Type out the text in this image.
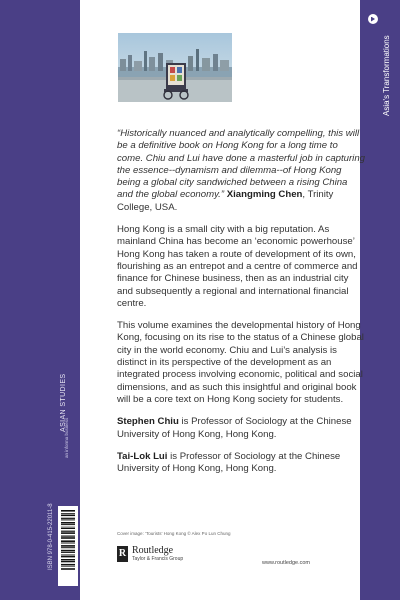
ASIAN STUDIES
an informa business
ISBN 978-0-415-22011-8
Asia's Transformations

“Historically nuanced and analytically compelling, this will be a definitive book on Hong Kong for a long time to come. Chiu and Lui have done a masterful job in capturing the essence--dynamism and dilemma--of Hong Kong being a global city sandwiched between a rising China and the global economy.” Xiangming Chen, Trinity College, USA.

Hong Kong is a small city with a big reputation. As mainland China has become an ‘economic powerhouse’ Hong Kong has taken a route of development of its own, flourishing as an entrepot and a centre of commerce and finance for Chinese business, then as an industrial city and subsequently a regional and international financial centre.

This volume examines the developmental history of Hong Kong, focusing on its rise to the status of a Chinese global city in the world economy. Chiu and Lui’s analysis is distinct in its perspective of the development as an integrated process involving economic, political and social dimensions, and as such this insightful and original book will be a core text on Hong Kong society for students.

Stephen Chiu is Professor of Sociology at the Chinese University of Hong Kong, Hong Kong.

Tai-Lok Lui is Professor of Sociology at the Chinese University of Hong Kong, Hong Kong.

Cover image: ‘Tourists’ Hong Kong © Alex Po Lun Chung
R Routledge
Taylor & Francis Group
www.routledge.com
